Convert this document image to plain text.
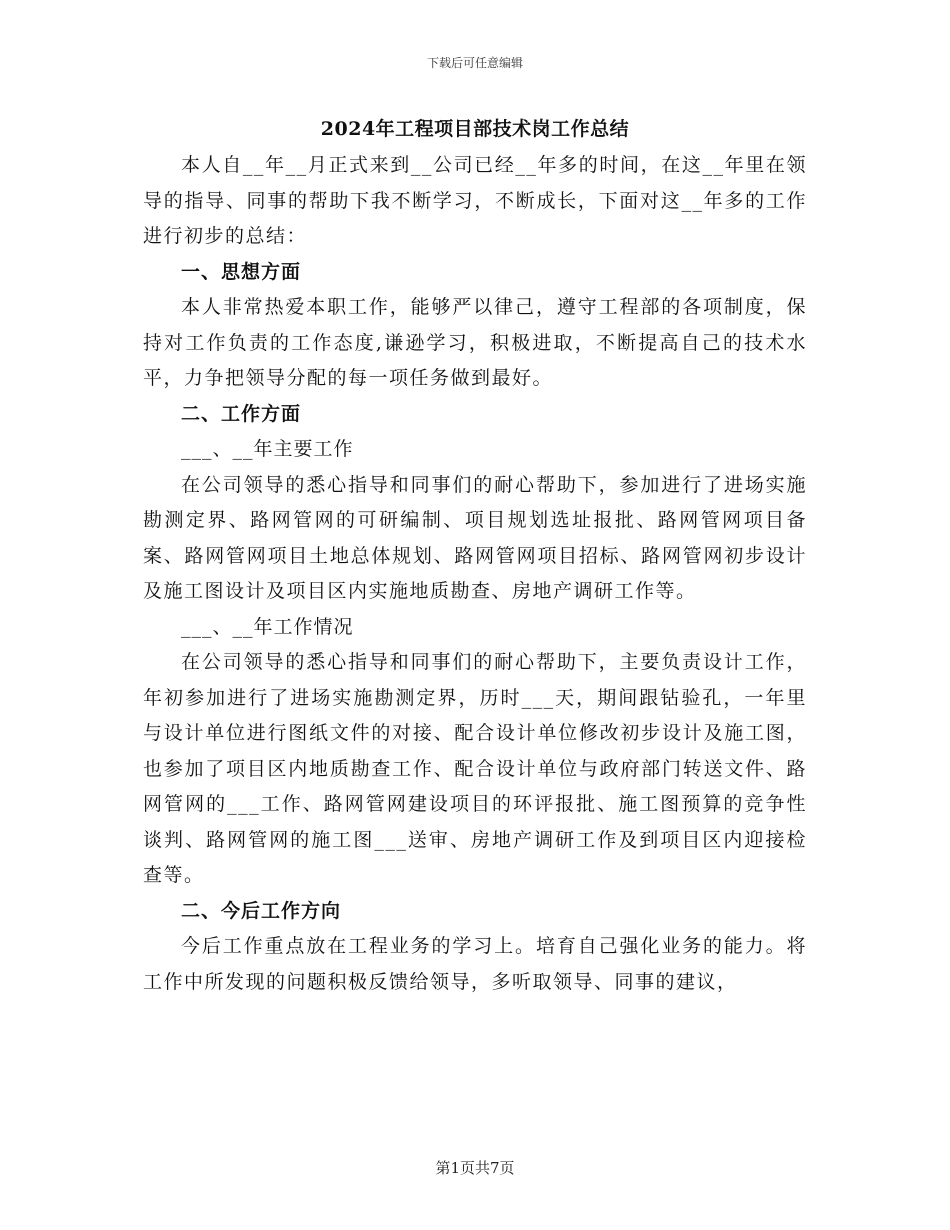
下载后可任意编辑
2024年工程项目部技术岗工作总结

本人自__年__月正式来到__公司已经__年多的时间，在这__年里在领导的指导、同事的帮助下我不断学习，不断成长，下面对这__年多的工作进行初步的总结：

一、思想方面

本人非常热爱本职工作，能够严以律己，遵守工程部的各项制度，保持对工作负责的工作态度,谦逊学习，积极进取，不断提高自己的技术水平，力争把领导分配的每一项任务做到最好。

二、工作方面

___、__年主要工作

在公司领导的悉心指导和同事们的耐心帮助下，参加进行了进场实施勘测定界、路网管网的可研编制、项目规划选址报批、路网管网项目备案、路网管网项目土地总体规划、路网管网项目招标、路网管网初步设计及施工图设计及项目区内实施地质勘查、房地产调研工作等。

___、__年工作情况

在公司领导的悉心指导和同事们的耐心帮助下，主要负责设计工作，年初参加进行了进场实施勘测定界，历时___天，期间跟钻验孔，一年里与设计单位进行图纸文件的对接、配合设计单位修改初步设计及施工图，也参加了项目区内地质勘查工作、配合设计单位与政府部门转送文件、路网管网的___工作、路网管网建设项目的环评报批、施工图预算的竞争性谈判、路网管网的施工图___送审、房地产调研工作及到项目区内迎接检查等。

二、今后工作方向

今后工作重点放在工程业务的学习上。培育自己强化业务的能力。将工作中所发现的问题积极反馈给领导，多听取领导、同事的建议，

第1页共7页
